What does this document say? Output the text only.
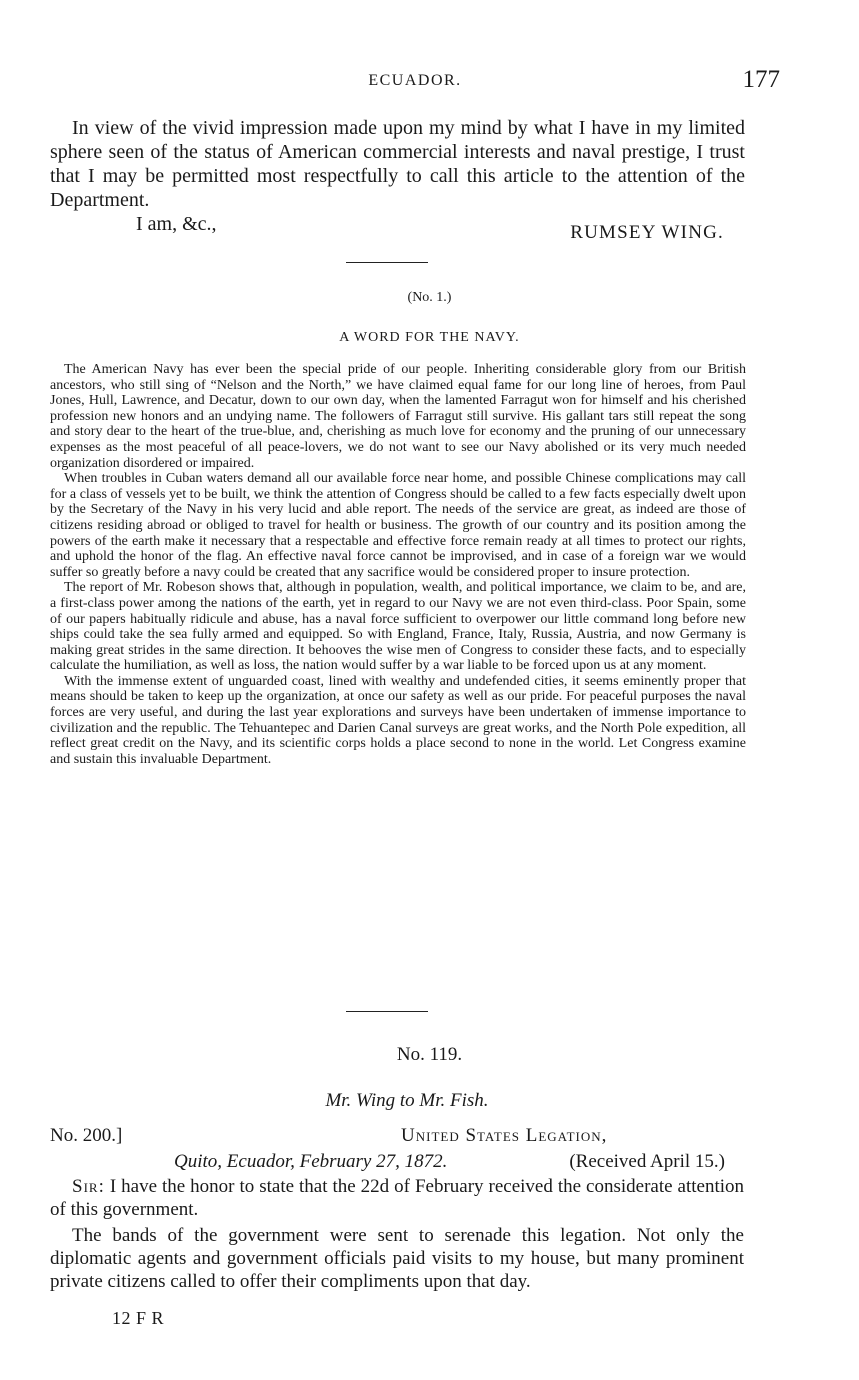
ECUADOR.	177

In view of the vivid impression made upon my mind by what I have in my limited sphere seen of the status of American commercial interests and naval prestige, I trust that I may be permitted most respectfully to call this article to the attention of the Department.

I am, &c.,	RUMSEY WING.
(No. 1.)
A WORD FOR THE NAVY.

The American Navy has ever been the special pride of our people. Inheriting considerable glory from our British ancestors, who still sing of “Nelson and the North,” we have claimed equal fame for our long line of heroes, from Paul Jones, Hull, Lawrence, and Decatur, down to our own day, when the lamented Farragut won for himself and his cherished profession new honors and an undying name. The followers of Farragut still survive. His gallant tars still repeat the song and story dear to the heart of the true-blue, and, cherishing as much love for economy and the pruning of our unnecessary expenses as the most peaceful of all peace-lovers, we do not want to see our Navy abolished or its very much needed organization disordered or impaired.

When troubles in Cuban waters demand all our available force near home, and possible Chinese complications may call for a class of vessels yet to be built, we think the attention of Congress should be called to a few facts especially dwelt upon by the Secretary of the Navy in his very lucid and able report. The needs of the service are great, as indeed are those of citizens residing abroad or obliged to travel for health or business. The growth of our country and its position among the powers of the earth make it necessary that a respectable and effective force remain ready at all times to protect our rights, and uphold the honor of the flag. An effective naval force cannot be improvised, and in case of a foreign war we would suffer so greatly before a navy could be created that any sacrifice would be considered proper to insure protection.

The report of Mr. Robeson shows that, although in population, wealth, and political importance, we claim to be, and are, a first-class power among the nations of the earth, yet in regard to our Navy we are not even third-class. Poor Spain, some of our papers habitually ridicule and abuse, has a naval force sufficient to overpower our little command long before new ships could take the sea fully armed and equipped. So with England, France, Italy, Russia, Austria, and now Germany is making great strides in the same direction. It behooves the wise men of Congress to consider these facts, and to especially calculate the humiliation, as well as loss, the nation would suffer by a war liable to be forced upon us at any moment.

With the immense extent of unguarded coast, lined with wealthy and undefended cities, it seems eminently proper that means should be taken to keep up the organization, at once our safety as well as our pride. For peaceful purposes the naval forces are very useful, and during the last year explorations and surveys have been undertaken of immense importance to civilization and the republic. The Tehuantepec and Darien Canal surveys are great works, and the North Pole expedition, all reflect great credit on the Navy, and its scientific corps holds a place second to none in the world. Let Congress examine and sustain this invaluable Department.

No. 119.
Mr. Wing to Mr. Fish.
No. 200.]	United States Legation,
Quito, Ecuador, February 27, 1872.	(Received April 15.)

Sir: I have the honor to state that the 22d of February received the considerate attention of this government.

The bands of the government were sent to serenade this legation. Not only the diplomatic agents and government officials paid visits to my house, but many prominent private citizens called to offer their compliments upon that day.

12 F R
